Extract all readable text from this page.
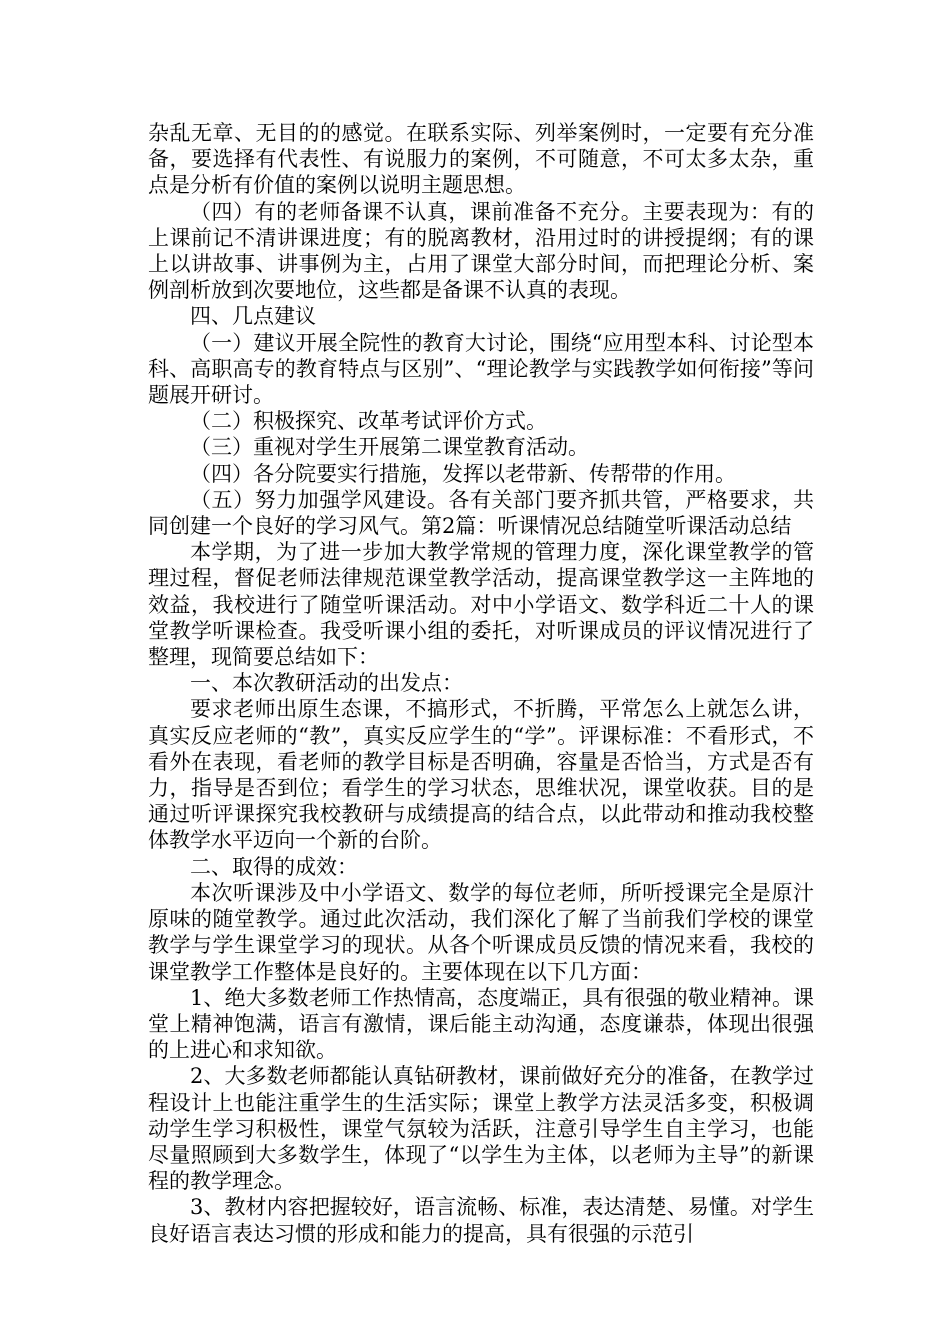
杂乱无章、无目的的感觉。在联系实际、列举案例时，一定要有充分准备，要选择有代表性、有说服力的案例，不可随意，不可太多太杂，重点是分析有价值的案例以说明主题思想。

（四）有的老师备课不认真，课前准备不充分。主要表现为：有的上课前记不清讲课进度；有的脱离教材，沿用过时的讲授提纲；有的课上以讲故事、讲事例为主，占用了课堂大部分时间，而把理论分析、案例剖析放到次要地位，这些都是备课不认真的表现。

四、几点建议

（一）建议开展全院性的教育大讨论，围绕“应用型本科、讨论型本科、高职高专的教育特点与区别”、“理论教学与实践教学如何衔接”等问题展开研讨。

（二）积极探究、改革考试评价方式。

（三）重视对学生开展第二课堂教育活动。

（四）各分院要实行措施，发挥以老带新、传帮带的作用。

（五）努力加强学风建设。各有关部门要齐抓共管，严格要求，共同创建一个良好的学习风气。第2篇：听课情况总结随堂听课活动总结

本学期，为了进一步加大教学常规的管理力度，深化课堂教学的管理过程，督促老师法律规范课堂教学活动，提高课堂教学这一主阵地的效益，我校进行了随堂听课活动。对中小学语文、数学科近二十人的课堂教学听课检查。我受听课小组的委托，对听课成员的评议情况进行了整理，现简要总结如下：

一、本次教研活动的出发点：

要求老师出原生态课，不搞形式，不折腾，平常怎么上就怎么讲，真实反应老师的“教”，真实反应学生的“学”。评课标准：不看形式，不看外在表现，看老师的教学目标是否明确，容量是否恰当，方式是否有力，指导是否到位；看学生的学习状态，思维状况，课堂收获。目的是通过听评课探究我校教研与成绩提高的结合点，以此带动和推动我校整体教学水平迈向一个新的台阶。

二、取得的成效：

本次听课涉及中小学语文、数学的每位老师，所听授课完全是原汁原味的随堂教学。通过此次活动，我们深化了解了当前我们学校的课堂教学与学生课堂学习的现状。从各个听课成员反馈的情况来看，我校的课堂教学工作整体是良好的。主要体现在以下几方面：

1、绝大多数老师工作热情高，态度端正，具有很强的敬业精神。课堂上精神饱满，语言有激情，课后能主动沟通，态度谦恭，体现出很强的上进心和求知欲。

2、大多数老师都能认真钻研教材，课前做好充分的准备，在教学过程设计上也能注重学生的生活实际；课堂上教学方法灵活多变，积极调动学生学习积极性，课堂气氛较为活跃，注意引导学生自主学习，也能尽量照顾到大多数学生，体现了“以学生为主体，以老师为主导”的新课程的教学理念。

3、教材内容把握较好，语言流畅、标准，表达清楚、易懂。对学生良好语言表达习惯的形成和能力的提高，具有很强的示范引
